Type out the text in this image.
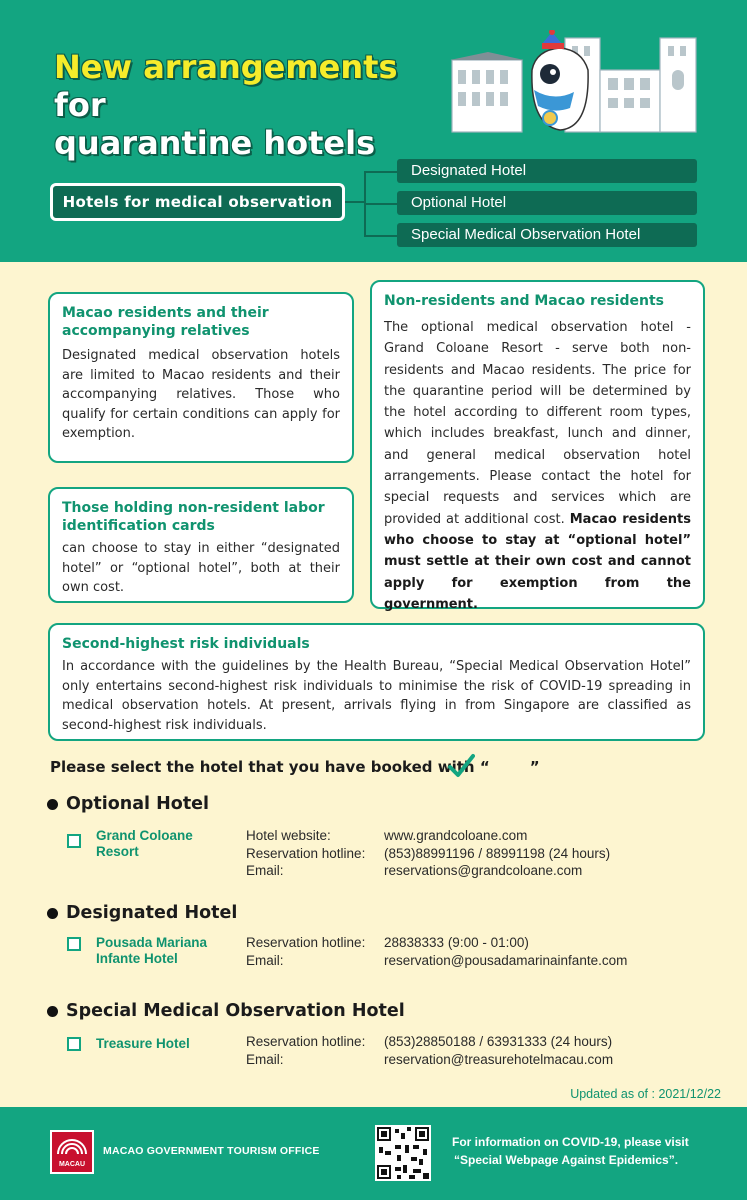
New arrangements for
quarantine hotels
Hotels for medical observation
Designated Hotel
Optional Hotel
Special Medical Observation Hotel
Macao residents and their accompanying relatives
Designated medical observation hotels are limited to Macao residents and their accompanying relatives. Those who qualify for certain conditions can apply for exemption.
Those holding non-resident labor identification cards
can choose to stay in either “designated hotel” or “optional hotel”, both at their own cost.
Non-residents and Macao residents
The optional medical observation hotel - Grand Coloane Resort - serve both non-residents and Macao residents. The price for the quarantine period will be determined by the hotel according to different room types, which includes breakfast, lunch and dinner, and general medical observation hotel arrangements. Please contact the hotel for special requests and services which are provided at additional cost. Macao residents who choose to stay at “optional hotel” must settle at their own cost and cannot apply for exemption from the government.
Second-highest risk individuals
In accordance with the guidelines by the Health Bureau, “Special Medical Observation Hotel” only entertains second-highest risk individuals to minimise the risk of COVID-19 spreading in medical observation hotels. At present, arrivals flying in from Singapore are classified as second-highest risk individuals.
Please select the hotel that you have booked with “	”
Optional Hotel
Grand Coloane
Resort
Hotel website:
Reservation hotline:
Email:
www.grandcoloane.com
(853)88991196 / 88991198 (24 hours)
reservations@grandcoloane.com
Designated Hotel
Pousada Mariana
Infante Hotel
Reservation hotline:
Email:
28838333 (9:00 - 01:00)
reservation@pousadamarinainfante.com
Special Medical Observation Hotel
Treasure Hotel	Reservation hotline:
Email:
(853)28850188 / 63931333 (24 hours)
reservation@treasurehotelmacau.com
Updated as of : 2021/12/22
MACAU
MACAO GOVERNMENT TOURISM OFFICE
For information on COVID-19, please visit
“Special Webpage Against Epidemics”.
